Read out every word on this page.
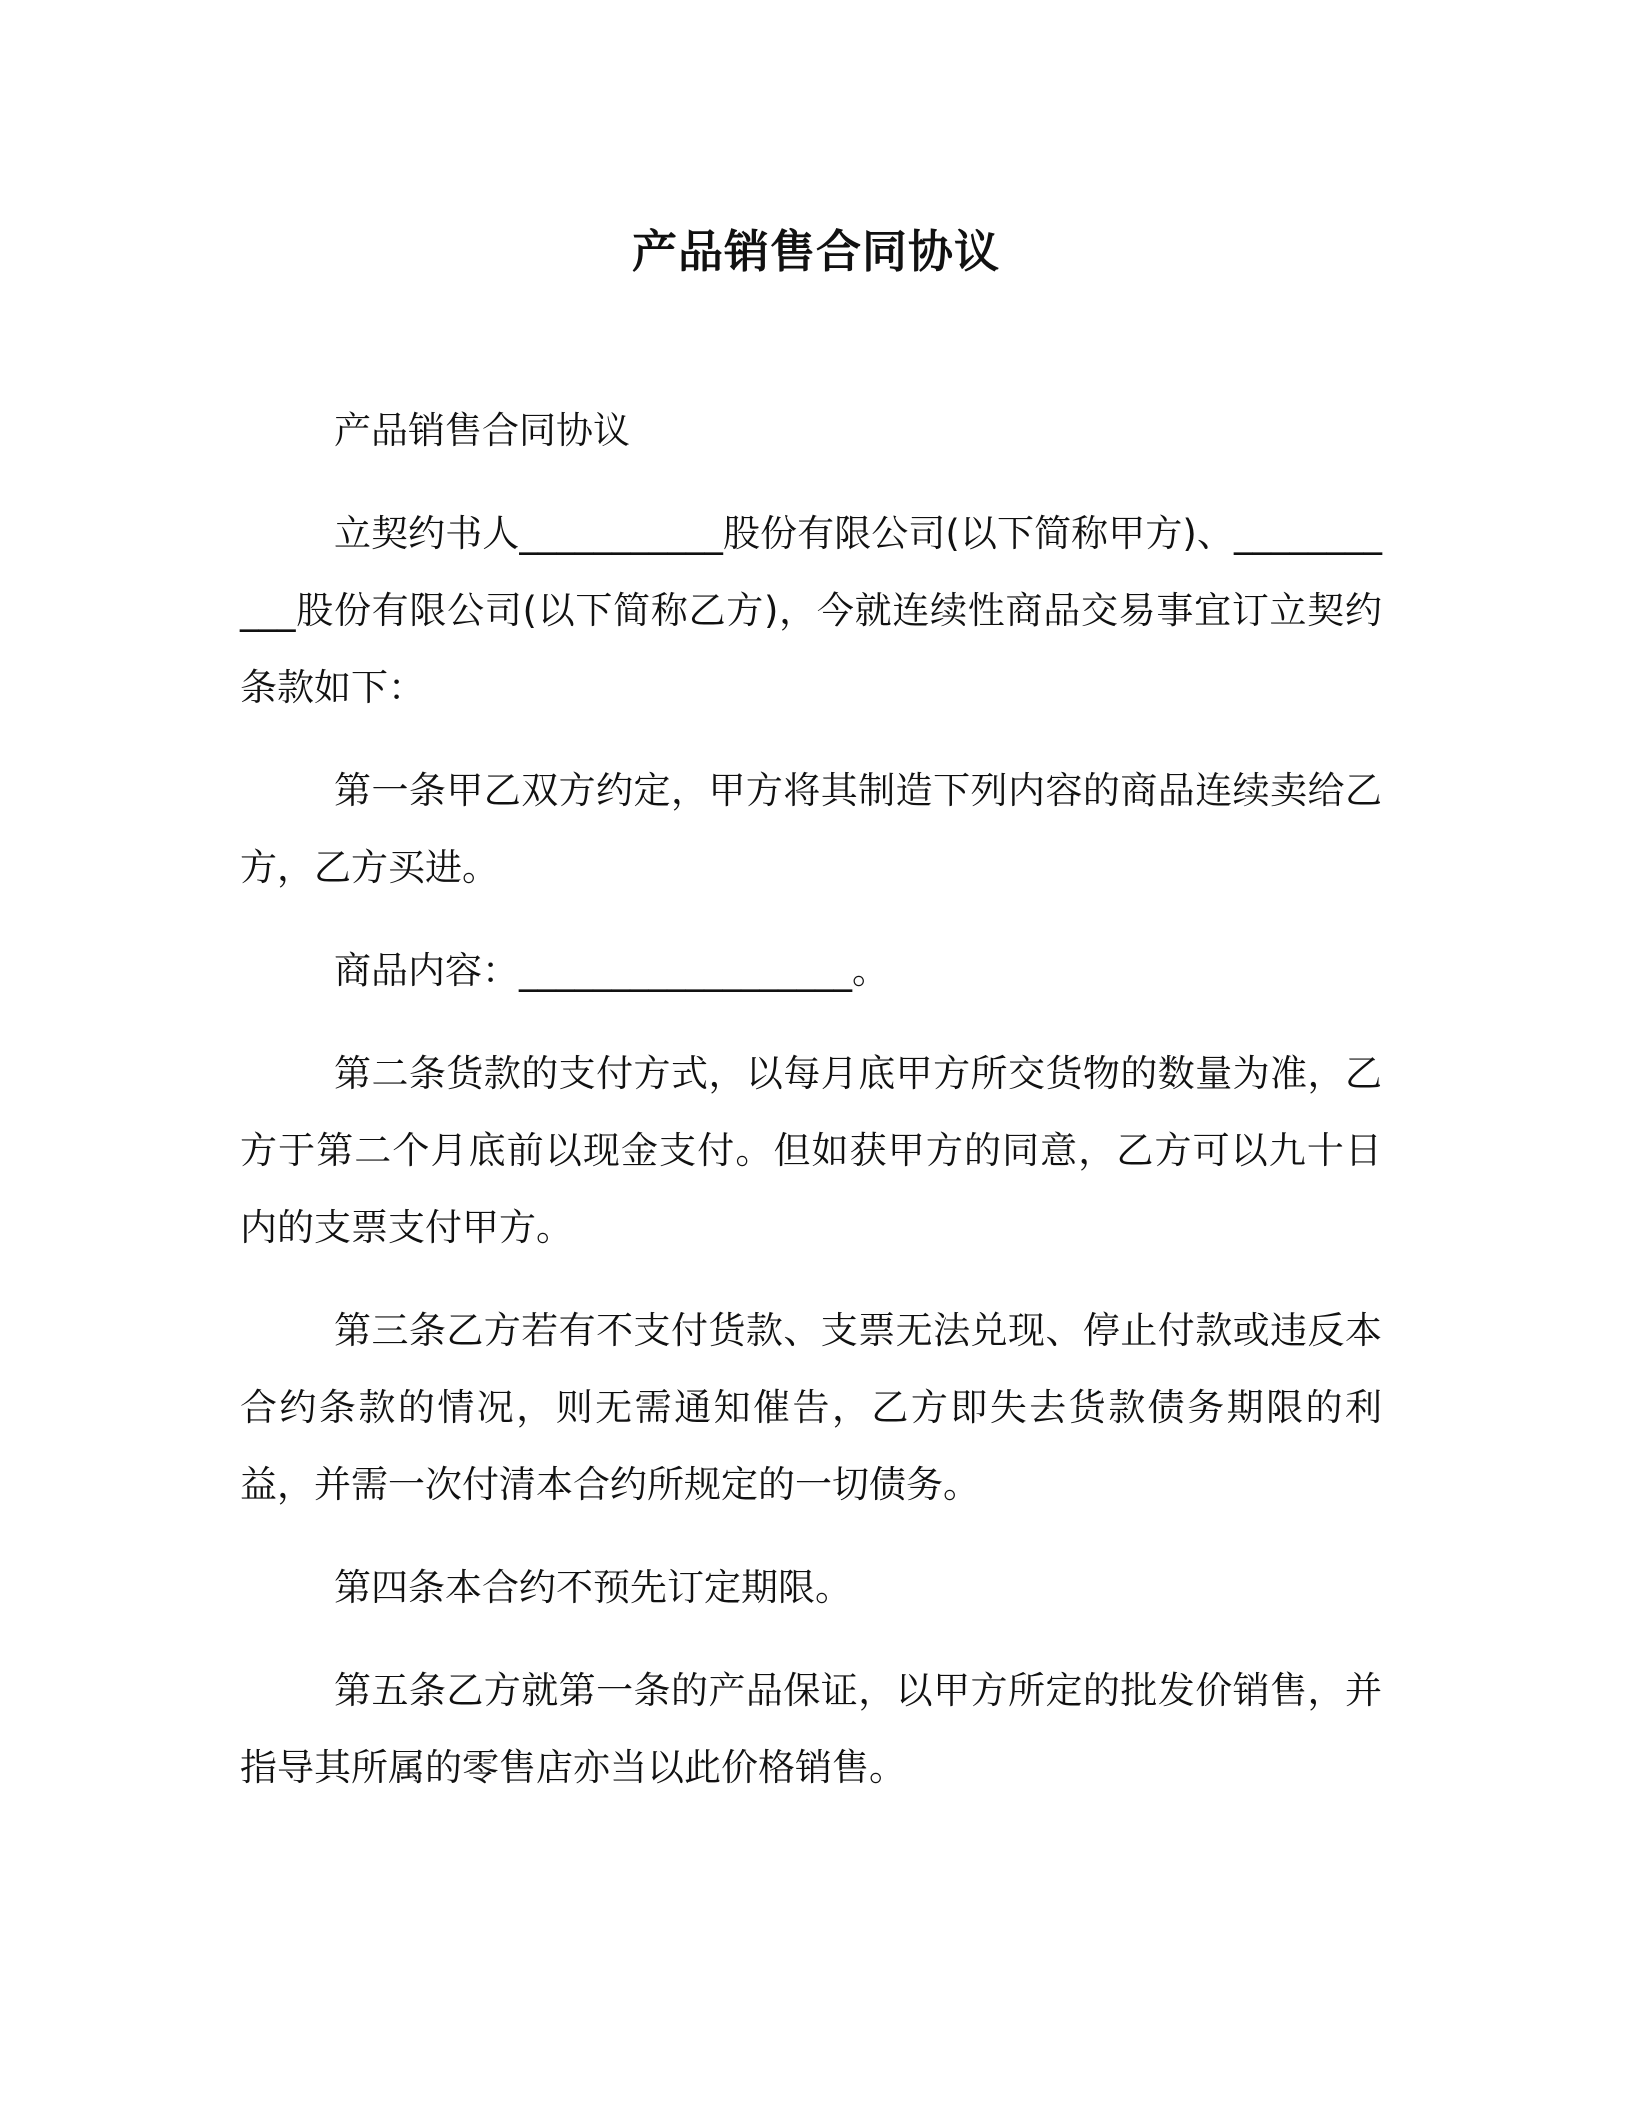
产品销售合同协议

产品销售合同协议

立契约书人___________股份有限公司(以下简称甲方)、___________股份有限公司(以下简称乙方)，今就连续性商品交易事宜订立契约条款如下：

第一条甲乙双方约定，甲方将其制造下列内容的商品连续卖给乙方，乙方买进。

商品内容：__________________。

第二条货款的支付方式，以每月底甲方所交货物的数量为准，乙方于第二个月底前以现金支付。但如获甲方的同意，乙方可以九十日内的支票支付甲方。

第三条乙方若有不支付货款、支票无法兑现、停止付款或违反本合约条款的情况，则无需通知催告，乙方即失去货款债务期限的利益，并需一次付清本合约所规定的一切债务。

第四条本合约不预先订定期限。

第五条乙方就第一条的产品保证，以甲方所定的批发价销售，并指导其所属的零售店亦当以此价格销售。
